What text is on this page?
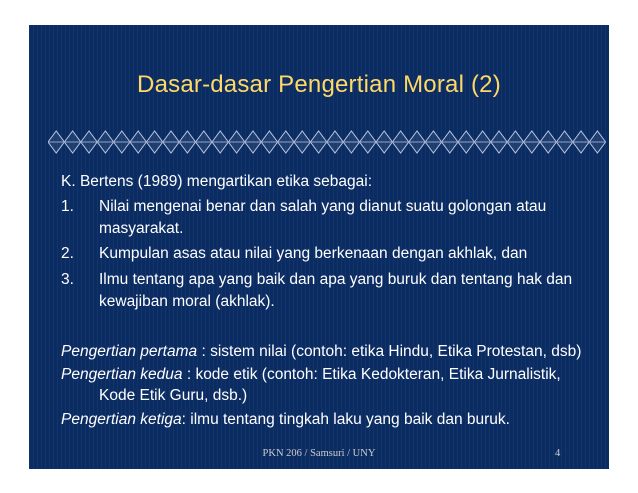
Dasar-dasar Pengertian Moral (2)
K. Bertens (1989) mengartikan etika sebagai:
1. Nilai mengenai benar dan salah yang dianut suatu golongan atau
masyarakat.
2. Kumpulan asas atau nilai yang berkenaan dengan akhlak, dan
3. Ilmu tentang apa yang baik dan apa yang buruk dan tentang hak dan
kewajiban moral (akhlak).
Pengertian pertama : sistem nilai (contoh: etika Hindu, Etika Protestan, dsb)
Pengertian kedua : kode etik (contoh: Etika Kedokteran, Etika Jurnalistik,
Kode Etik Guru, dsb.)
Pengertian ketiga: ilmu tentang tingkah laku yang baik dan buruk.
PKN 206 / Samsuri / UNY	4
